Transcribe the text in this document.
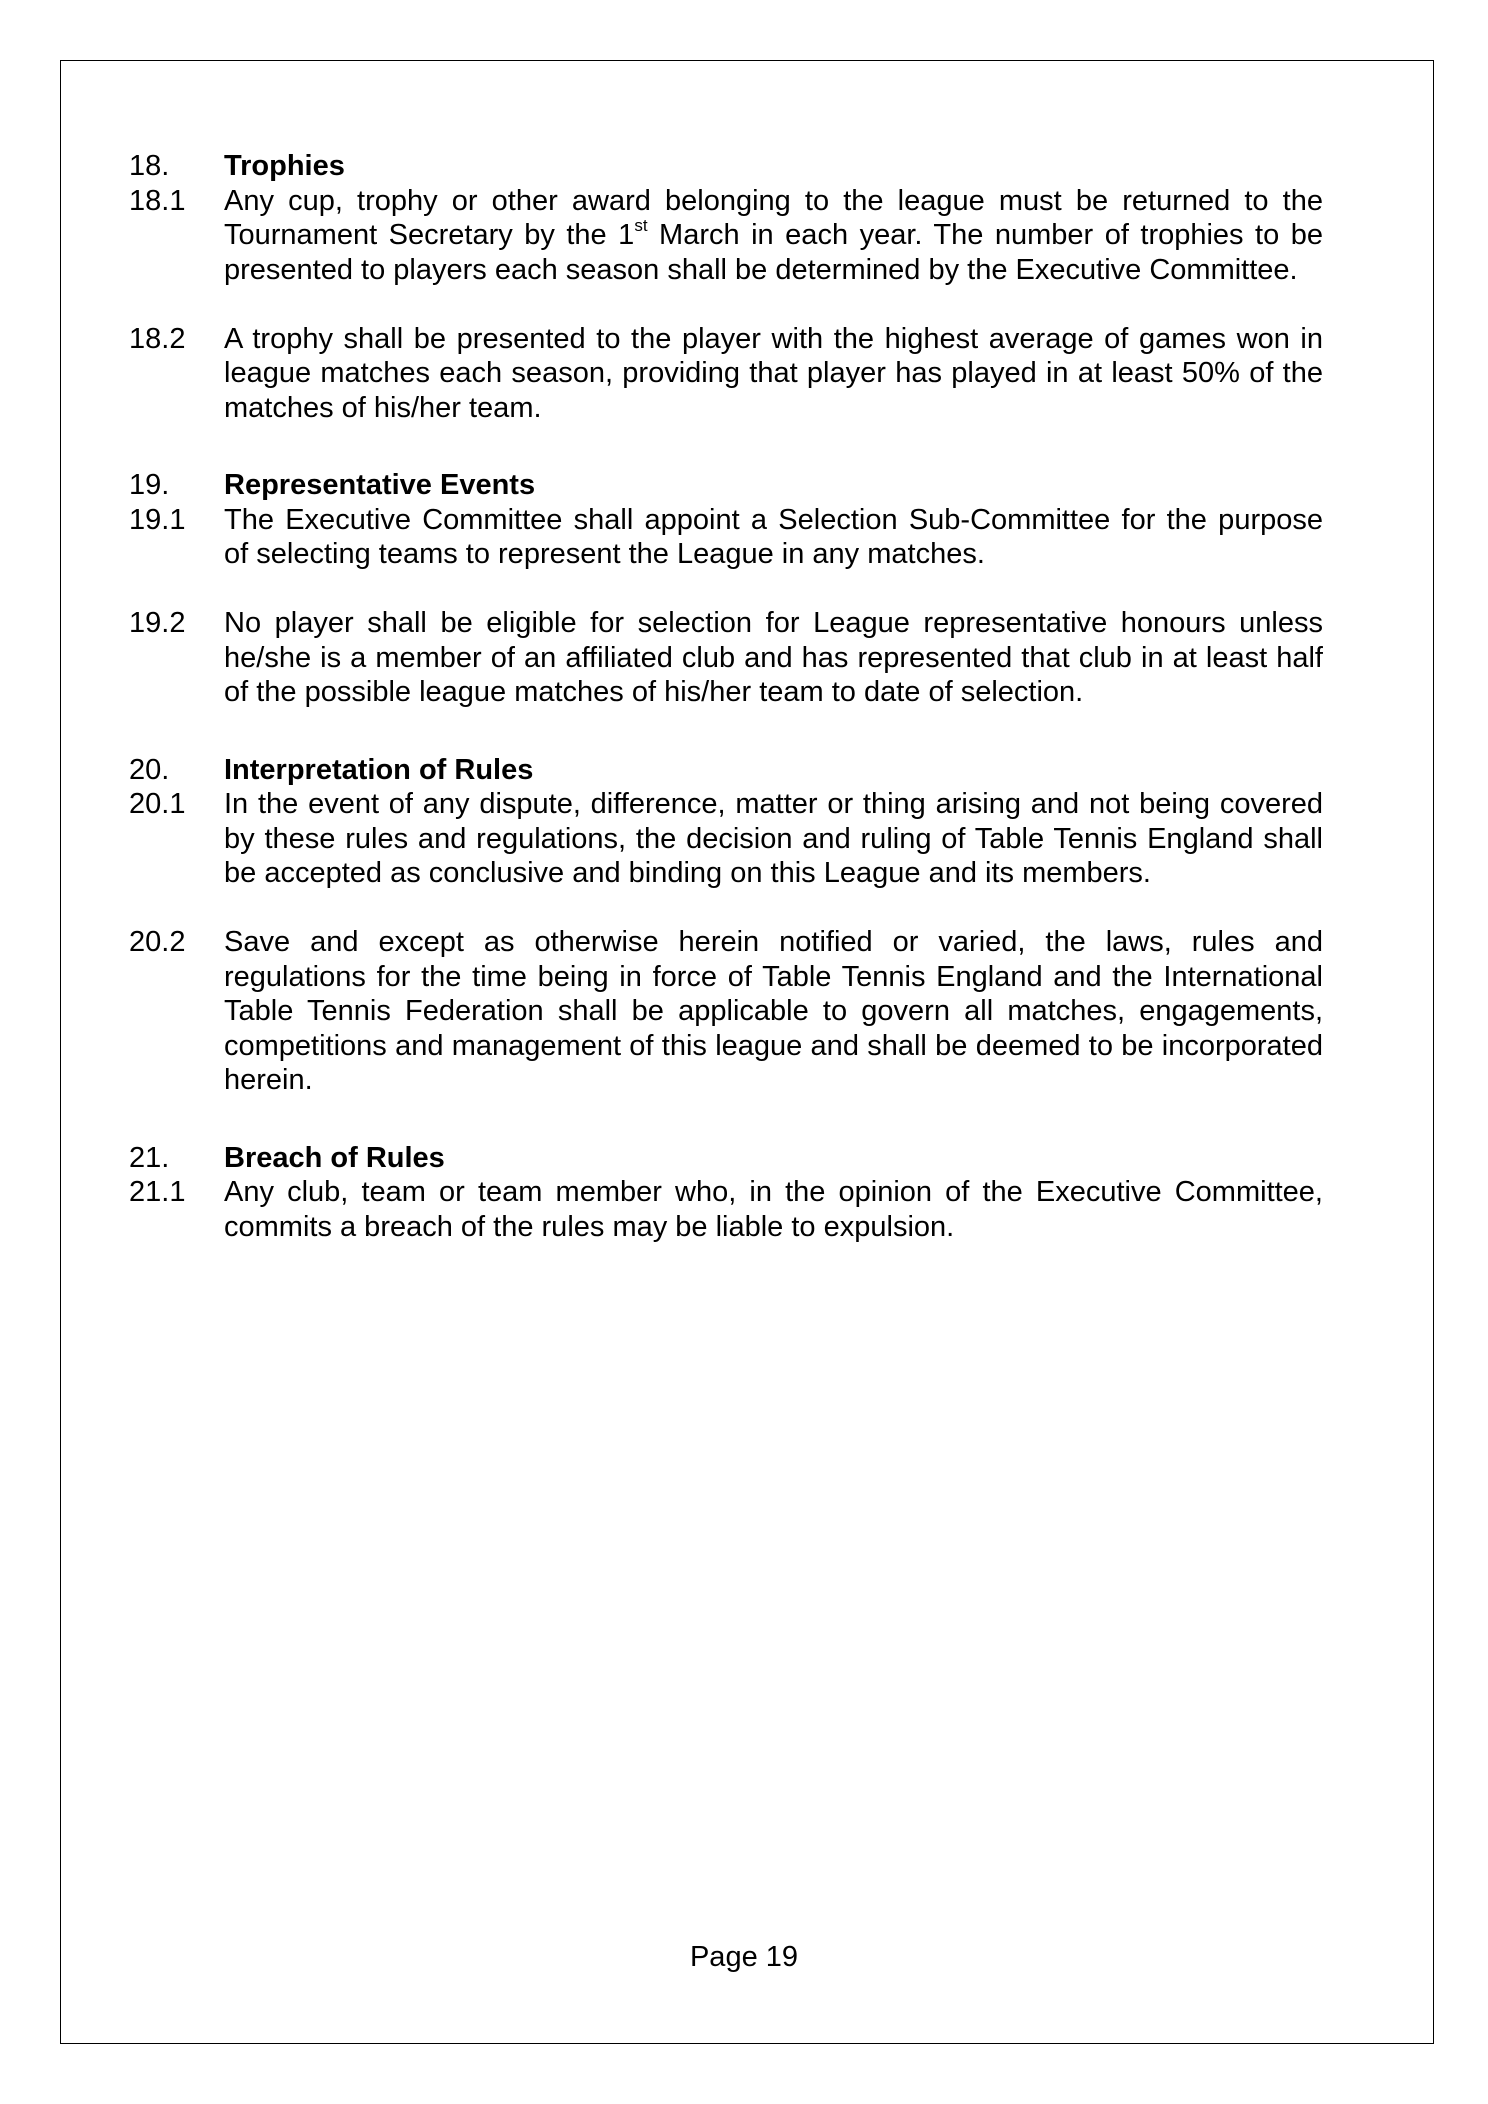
18.	Trophies
18.1	Any cup, trophy or other award belonging to the league must be returned to the Tournament Secretary by the 1st March in each year. The number of trophies to be presented to players each season shall be determined by the Executive Committee.
18.2	A trophy shall be presented to the player with the highest average of games won in league matches each season, providing that player has played in at least 50% of the matches of his/her team.
19.	Representative Events
19.1	The Executive Committee shall appoint a Selection Sub-Committee for the purpose of selecting teams to represent the League in any matches.
19.2	No player shall be eligible for selection for League representative honours unless he/she is a member of an affiliated club and has represented that club in at least half of the possible league matches of his/her team to date of selection.
20.	Interpretation of Rules
20.1	In the event of any dispute, difference, matter or thing arising and not being covered by these rules and regulations, the decision and ruling of Table Tennis England shall be accepted as conclusive and binding on this League and its members.
20.2	Save and except as otherwise herein notified or varied, the laws, rules and regulations for the time being in force of Table Tennis England and the International Table Tennis Federation shall be applicable to govern all matches, engagements, competitions and management of this league and shall be deemed to be incorporated herein.
21.	Breach of Rules
21.1	Any club, team or team member who, in the opinion of the Executive Committee, commits a breach of the rules may be liable to expulsion.
Page 19
